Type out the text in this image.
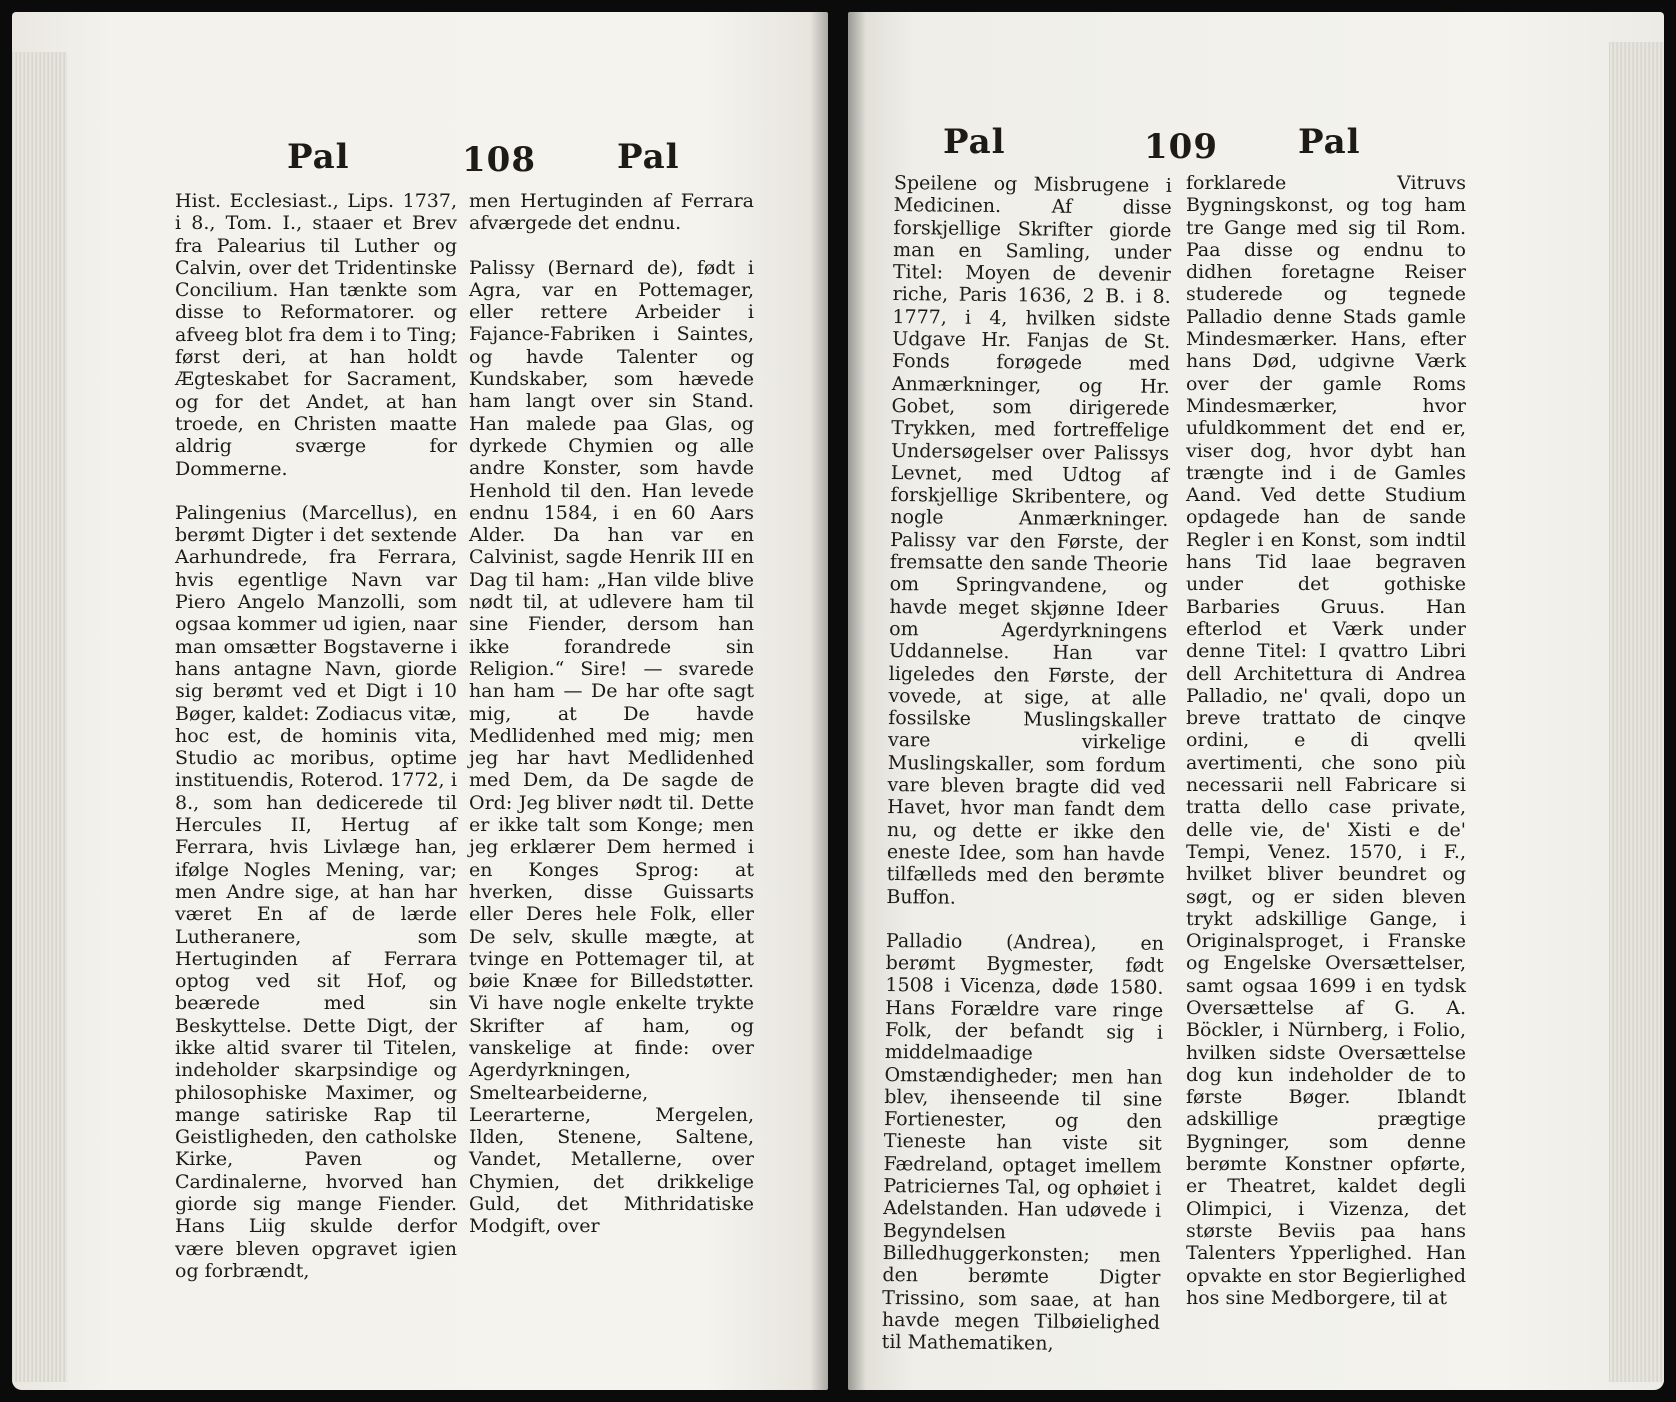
Pal	108 Pal

Hist. Ecclesiast., Lips. 1737, i 8., Tom. I., staaer et Brev fra Palearius til Luther og Calvin, over det Tridentinske Concilium. Han tænkte som disse to Reformatorer. og afveeg blot fra dem i to Ting; først deri, at han holdt Ægteskabet for Sacrament, og for det Andet, at han troede, en Christen maatte aldrig sværge for Dommerne.

Palingenius (Marcellus), en berømt Digter i det sextende Aarhundrede, fra Ferrara, hvis egentlige Navn var Piero Angelo Manzolli, som ogsaa kommer ud igien, naar man omsætter Bogstaverne i hans antagne Navn, giorde sig berømt ved et Digt i 10 Bøger, kaldet: Zodiacus vitæ, hoc est, de hominis vita, Studio ac moribus, optime instituendis, Roterod. 1772, i 8., som han dedicerede til Hercules II, Hertug af Ferrara, hvis Livlæge han, ifølge Nogles Mening, var; men Andre sige, at han har været En af de lærde Lutheranere, som Hertuginden af Ferrara optog ved sit Hof, og beærede med sin Beskyttelse. Dette Digt, der ikke altid svarer til Titelen, indeholder skarpsindige og philosophiske Maximer, og mange satiriske Rap til Geistligheden, den catholske Kirke, Paven og Cardinalerne, hvorved han giorde sig mange Fiender. Hans Liig skulde derfor være bleven opgravet igien og forbrændt,

men Hertuginden af Ferrara afværgede det endnu.

Palissy (Bernard de), født i Agra, var en Pottemager, eller rettere Arbeider i Fajance-Fabriken i Saintes, og havde Talenter og Kundskaber, som hævede ham langt over sin Stand. Han malede paa Glas, og dyrkede Chymien og alle andre Konster, som havde Henhold til den. Han levede endnu 1584, i en 60 Aars Alder. Da han var en Calvinist, sagde Henrik III en Dag til ham: „Han vilde blive nødt til, at udlevere ham til sine Fiender, dersom han ikke forandrede sin Religion.“ Sire! — svarede han ham — De har ofte sagt mig, at De havde Medlidenhed med mig; men jeg har havt Medlidenhed med Dem, da De sagde de Ord: Jeg bliver nødt til. Dette er ikke talt som Konge; men jeg erklærer Dem hermed i en Konges Sprog: at hverken, disse Guissarts eller Deres hele Folk, eller De selv, skulle mægte, at tvinge en Pottemager til, at bøie Knæe for Billedstøtter. Vi have nogle enkelte trykte Skrifter af ham, og vanskelige at finde: over Agerdyrkningen, Smeltearbeiderne, Leerarterne, Mergelen, Ilden, Stenene, Saltene, Vandet, Metallerne, over Chymien, det drikkelige Guld, det Mithridatiske Modgift, over

Pal	109 Pal

Speilene og Misbrugene i Medicinen. Af disse forskjellige Skrifter giorde man en Samling, under Titel: Moyen de devenir riche, Paris 1636, 2 B. i 8. 1777, i 4, hvilken sidste Udgave Hr. Fanjas de St. Fonds forøgede med Anmærkninger, og Hr. Gobet, som dirigerede Trykken, med fortreffelige Undersøgelser over Palissys Levnet, med Udtog af forskjellige Skribentere, og nogle Anmærkninger. Palissy var den Første, der fremsatte den sande Theorie om Springvandene, og havde meget skjønne Ideer om Agerdyrkningens Uddannelse. Han var ligeledes den Første, der vovede, at sige, at alle fossilske Muslingskaller vare virkelige Muslingskaller, som fordum vare bleven bragte did ved Havet, hvor man fandt dem nu, og dette er ikke den eneste Idee, som han havde tilfælleds med den berømte Buffon.

Palladio (Andrea), en berømt Bygmester, født 1508 i Vicenza, døde 1580. Hans Forældre vare ringe Folk, der befandt sig i middelmaadige Omstændigheder; men han blev, ihenseende til sine Fortienester, og den Tieneste han viste sit Fædreland, optaget imellem Patriciernes Tal, og ophøiet i Adelstanden. Han udøvede i Begyndelsen Billedhuggerkonsten; men den berømte Digter Trissino, som saae, at han havde megen Tilbøielighed til Mathematiken,

forklarede Vitruvs Bygningskonst, og tog ham tre Gange med sig til Rom. Paa disse og endnu to didhen foretagne Reiser studerede og tegnede Palladio denne Stads gamle Mindesmærker. Hans, efter hans Død, udgivne Værk over der gamle Roms Mindesmærker, hvor ufuldkomment det end er, viser dog, hvor dybt han trængte ind i de Gamles Aand. Ved dette Studium opdagede han de sande Regler i en Konst, som indtil hans Tid laae begraven under det gothiske Barbaries Gruus. Han efterlod et Værk under denne Titel: I qvattro Libri dell Architettura di Andrea Palladio, ne' qvali, dopo un breve trattato de cinqve ordini, e di qvelli avertimenti, che sono più necessarii nell Fabricare si tratta dello case private, delle vie, de' Xisti e de' Tempi, Venez. 1570, i F., hvilket bliver beundret og søgt, og er siden bleven trykt adskillige Gange, i Originalsproget, i Franske og Engelske Oversættelser, samt ogsaa 1699 i en tydsk Oversættelse af G. A. Böckler, i Nürnberg, i Folio, hvilken sidste Oversættelse dog kun indeholder de to første Bøger. Iblandt adskillige prægtige Bygninger, som denne berømte Konstner opførte, er Theatret, kaldet degli Olimpici, i Vizenza, det største Beviis paa hans Talenters Ypperlighed. Han opvakte en stor Begierlighed hos sine Medborgere, til at
